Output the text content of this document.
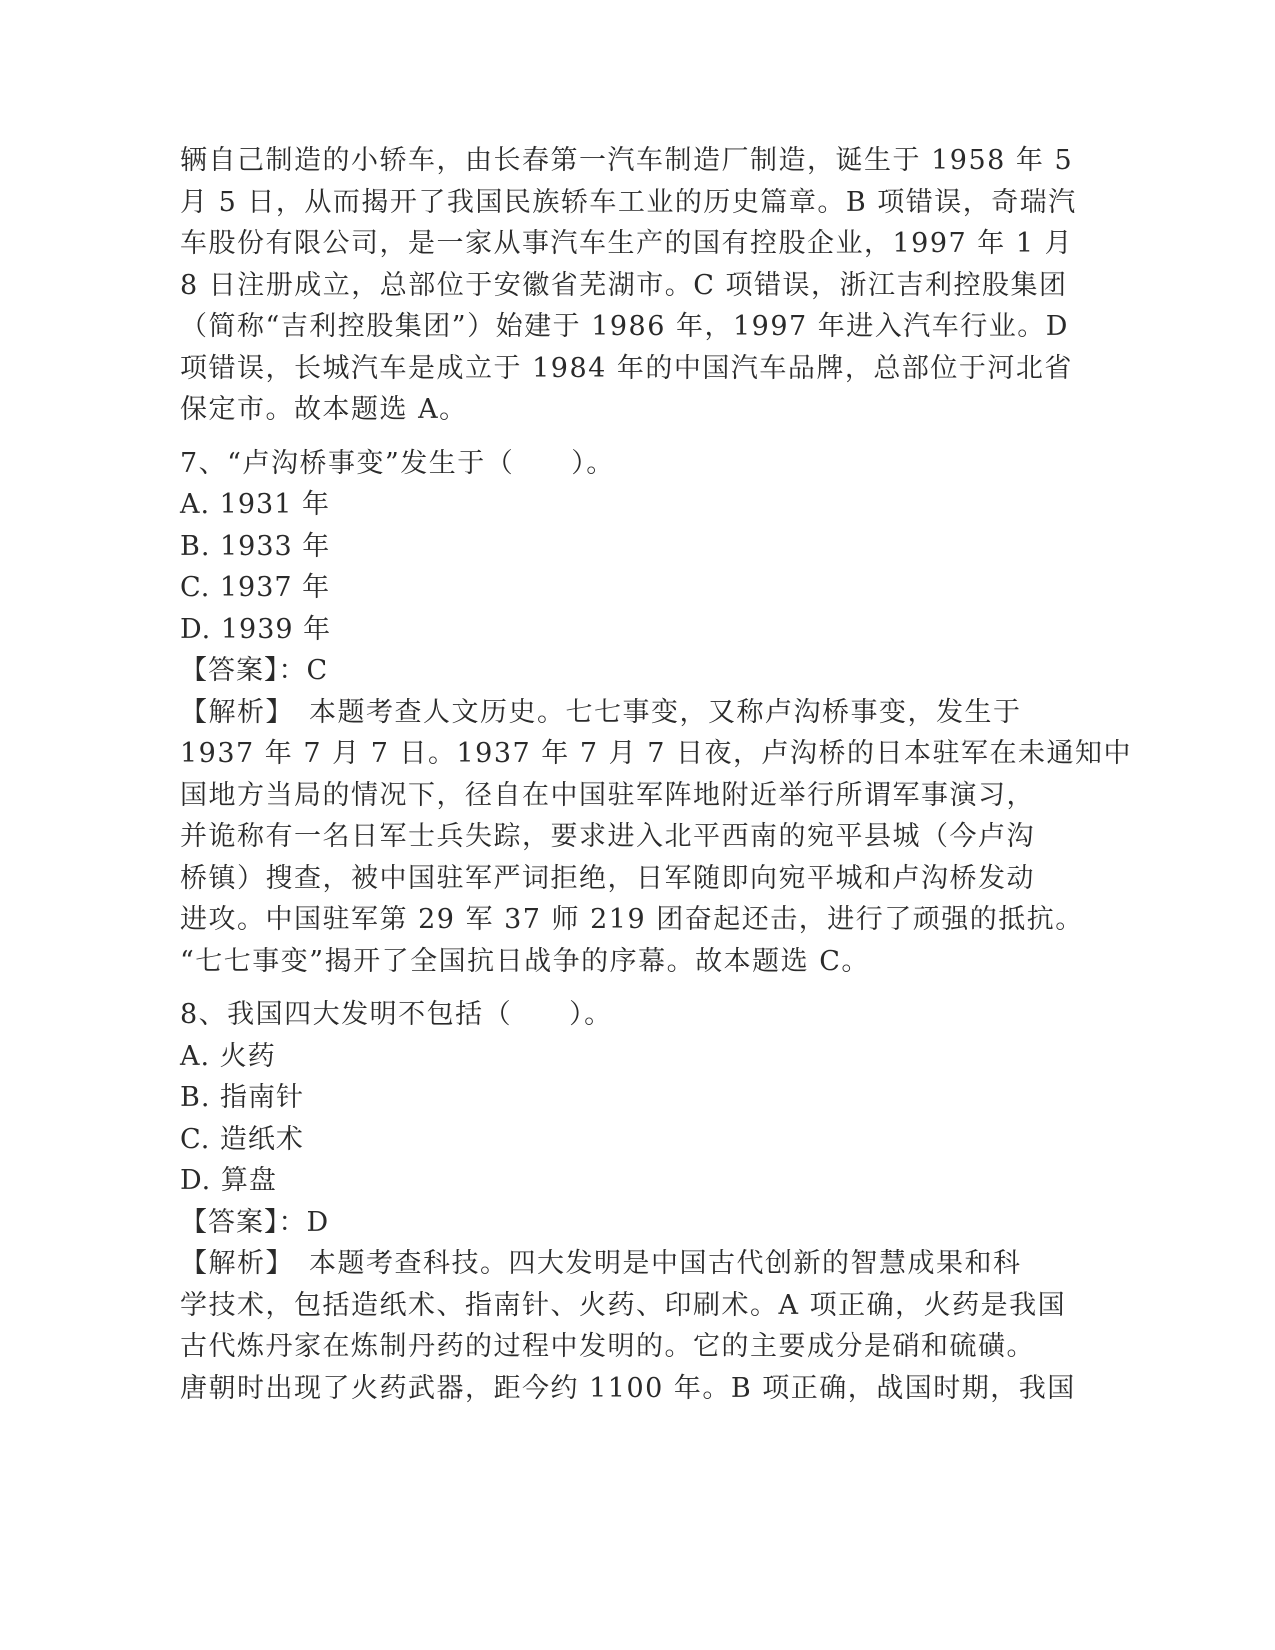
辆自己制造的小轿车，由长春第一汽车制造厂制造，诞生于 1958 年 5
月 5 日，从而揭开了我国民族轿车工业的历史篇章。B 项错误，奇瑞汽
车股份有限公司，是一家从事汽车生产的国有控股企业，1997 年 1 月
8 日注册成立，总部位于安徽省芜湖市。C 项错误，浙江吉利控股集团
（简称“吉利控股集团”）始建于 1986 年，1997 年进入汽车行业。D
项错误，长城汽车是成立于 1984 年的中国汽车品牌，总部位于河北省
保定市。故本题选 A。
7、“卢沟桥事变”发生于（　　）。
A. 1931 年
B. 1933 年
C. 1937 年
D. 1939 年
【答案】：C
【解析】　本题考查人文历史。七七事变，又称卢沟桥事变，发生于
1937 年 7 月 7 日。1937 年 7 月 7 日夜，卢沟桥的日本驻军在未通知中
国地方当局的情况下，径自在中国驻军阵地附近举行所谓军事演习，
并诡称有一名日军士兵失踪，要求进入北平西南的宛平县城（今卢沟
桥镇）搜查，被中国驻军严词拒绝，日军随即向宛平城和卢沟桥发动
进攻。中国驻军第 29 军 37 师 219 团奋起还击，进行了顽强的抵抗。
“七七事变”揭开了全国抗日战争的序幕。故本题选 C。
8、我国四大发明不包括（　　）。
A. 火药
B. 指南针
C. 造纸术
D. 算盘
【答案】：D
【解析】　本题考查科技。四大发明是中国古代创新的智慧成果和科
学技术，包括造纸术、指南针、火药、印刷术。A 项正确，火药是我国
古代炼丹家在炼制丹药的过程中发明的。它的主要成分是硝和硫磺。
唐朝时出现了火药武器，距今约 1100 年。B 项正确，战国时期，我国
